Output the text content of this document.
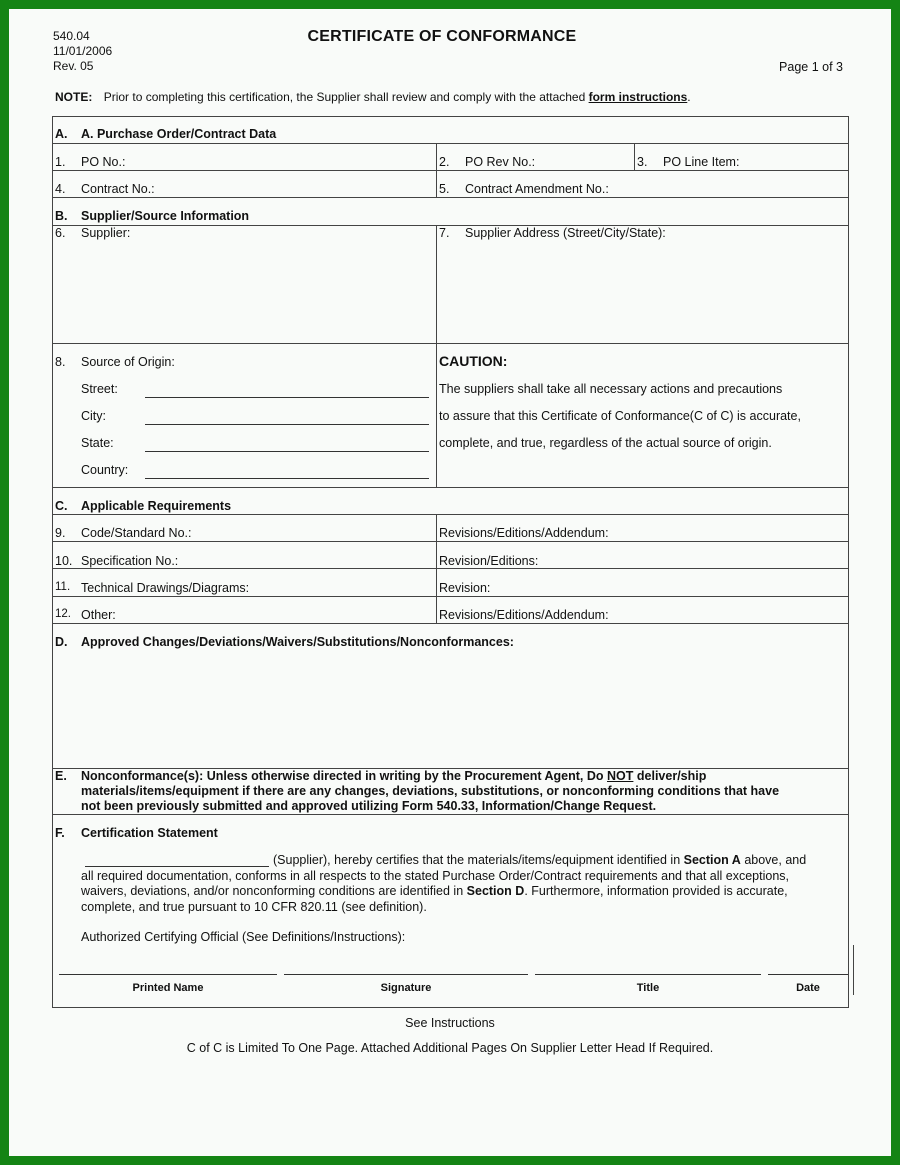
540.04
11/01/2006
Rev. 05
CERTIFICATE OF CONFORMANCE
Page 1 of 3
NOTE: Prior to completing this certification, the Supplier shall review and comply with the attached form instructions.
A. A. Purchase Order/Contract Data
1. PO No.:	2. PO Rev No.:	3. PO Line Item:
4. Contract No.:	5. Contract Amendment No.:
B. Supplier/Source Information
6. Supplier:	7. Supplier Address (Street/City/State):
8. Source of Origin:
Street:
City:
State:
Country:
CAUTION:
The suppliers shall take all necessary actions and precautions
to assure that this Certificate of Conformance(C of C) is accurate,
complete, and true, regardless of the actual source of origin.
C. Applicable Requirements
9. Code/Standard No.:	Revisions/Editions/Addendum:
10. Specification No.:	Revision/Editions:
11. Technical Drawings/Diagrams:	Revision:
12. Other:	Revisions/Editions/Addendum:
D. Approved Changes/Deviations/Waivers/Substitutions/Nonconformances:
E. Nonconformance(s): Unless otherwise directed in writing by the Procurement Agent, Do NOT deliver/ship
materials/items/equipment if there are any changes, deviations, substitutions, or nonconforming conditions that have
not been previously submitted and approved utilizing Form 540.33, Information/Change Request.
F. Certification Statement
(Supplier), hereby certifies that the materials/items/equipment identified in Section A above, and
all required documentation, conforms in all respects to the stated Purchase Order/Contract requirements and that all exceptions,
waivers, deviations, and/or nonconforming conditions are identified in Section D. Furthermore, information provided is accurate,
complete, and true pursuant to 10 CFR 820.11 (see definition).
Authorized Certifying Official (See Definitions/Instructions):
Printed Name	Signature	Title	Date
See Instructions
C of C is Limited To One Page. Attached Additional Pages On Supplier Letter Head If Required.
